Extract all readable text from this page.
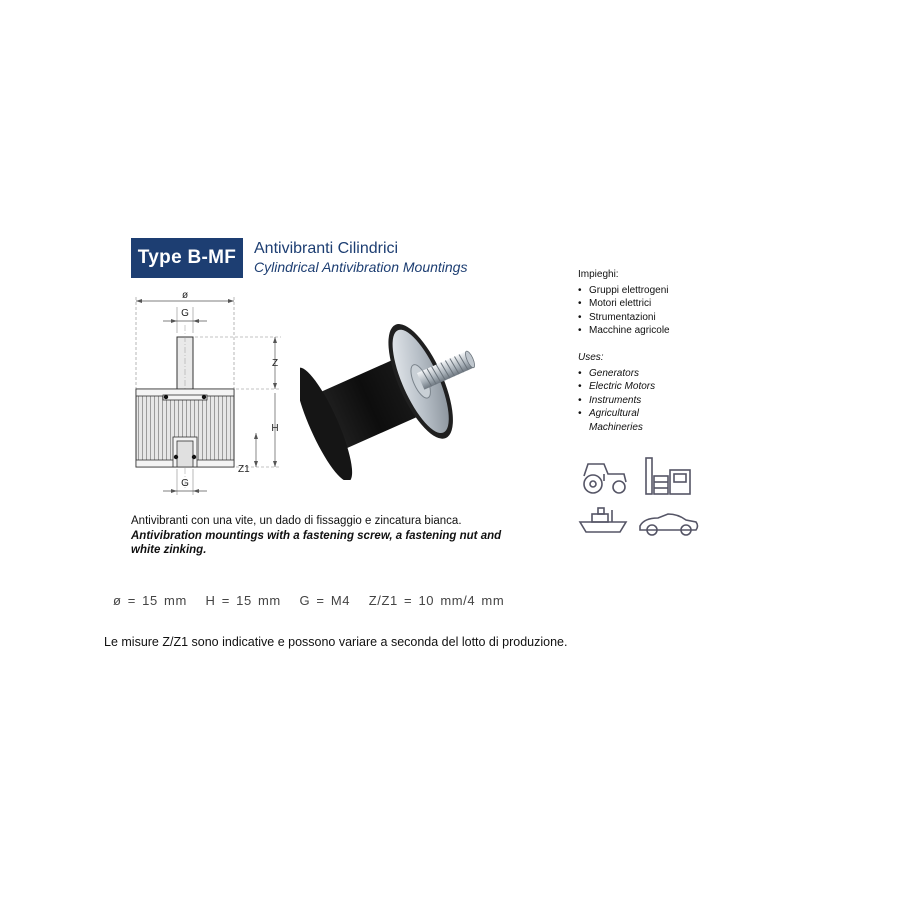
Type B-MF	Antivibranti Cilindrici
Cylindrical Antivibration Mountings
ø
G
Z
H
Z1
G
Impieghi:
• Gruppi elettrogeni
• Motori elettrici
• Strumentazioni
• Macchine agricole
Uses:
• Generators
• Electric Motors
• Instruments
• Agricultural Machineries
Antivibranti con una vite, un dado di fissaggio e zincatura bianca.
Antivibration mountings with a fastening screw, a fastening nut and white zinking.
ø = 15 mm   H = 15 mm   G = M4   Z/Z1 = 10 mm/4 mm
Le misure Z/Z1 sono indicative e possono variare a seconda del lotto di produzione.
